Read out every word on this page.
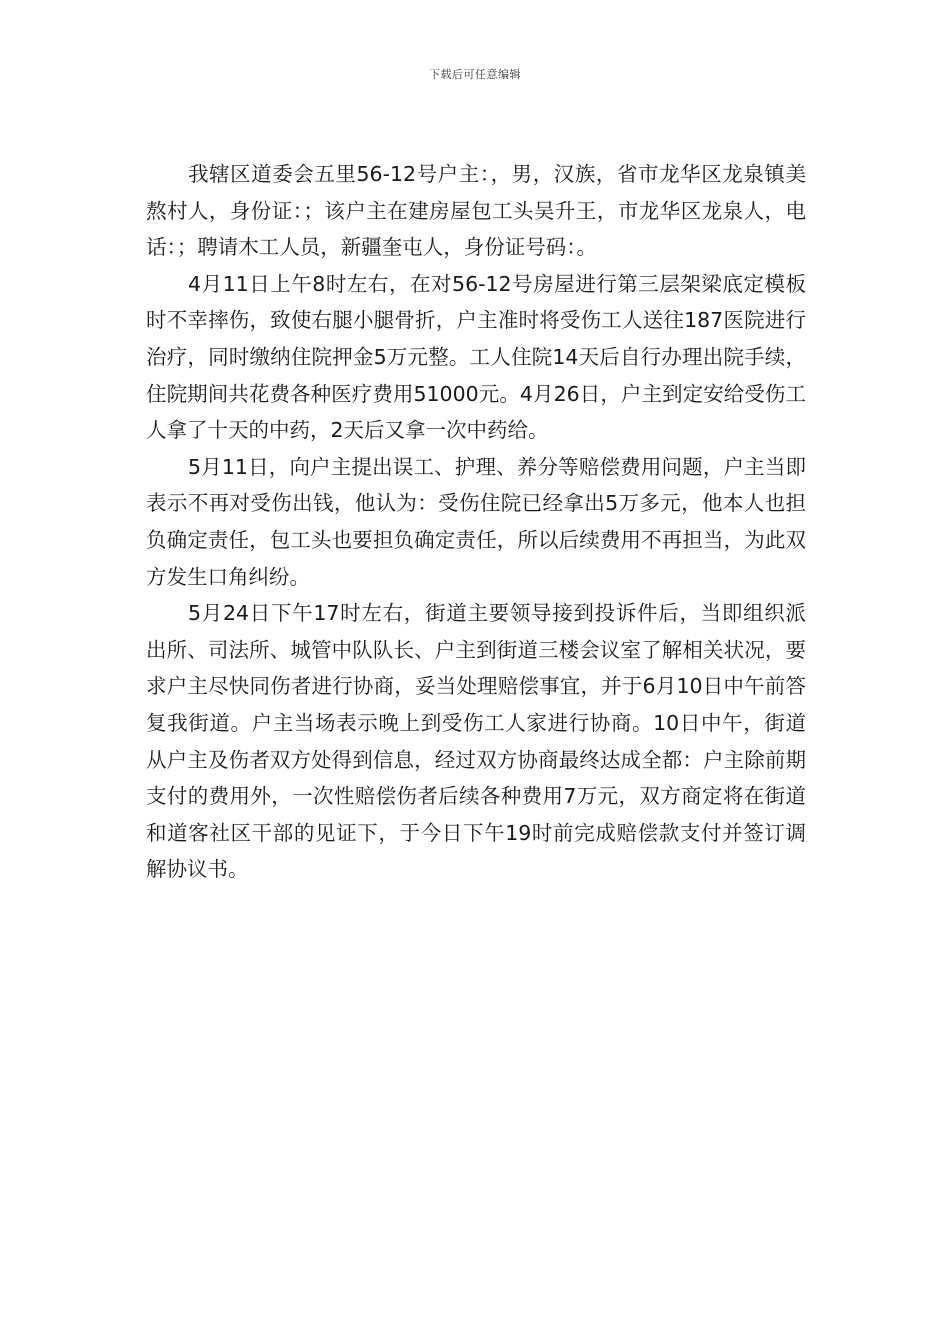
下载后可任意编辑

我辖区道委会五里56-12号户主：，男，汉族，省市龙华区龙泉镇美熬村人，身份证：；该户主在建房屋包工头吴升王，市龙华区龙泉人，电话：；聘请木工人员，新疆奎屯人，身份证号码：。

4月11日上午8时左右，在对56-12号房屋进行第三层架梁底定模板时不幸摔伤，致使右腿小腿骨折，户主准时将受伤工人送往187医院进行治疗，同时缴纳住院押金5万元整。工人住院14天后自行办理出院手续，住院期间共花费各种医疗费用51000元。4月26日，户主到定安给受伤工人拿了十天的中药，2天后又拿一次中药给。

5月11日，向户主提出误工、护理、养分等赔偿费用问题，户主当即表示不再对受伤出钱，他认为：受伤住院已经拿出5万多元，他本人也担负确定责任，包工头也要担负确定责任，所以后续费用不再担当，为此双方发生口角纠纷。

5月24日下午17时左右，街道主要领导接到投诉件后，当即组织派出所、司法所、城管中队队长、户主到街道三楼会议室了解相关状况，要求户主尽快同伤者进行协商，妥当处理赔偿事宜，并于6月10日中午前答复我街道。户主当场表示晚上到受伤工人家进行协商。10日中午，街道从户主及伤者双方处得到信息，经过双方协商最终达成全都：户主除前期支付的费用外，一次性赔偿伤者后续各种费用7万元，双方商定将在街道和道客社区干部的见证下，于今日下午19时前完成赔偿款支付并签订调解协议书。
